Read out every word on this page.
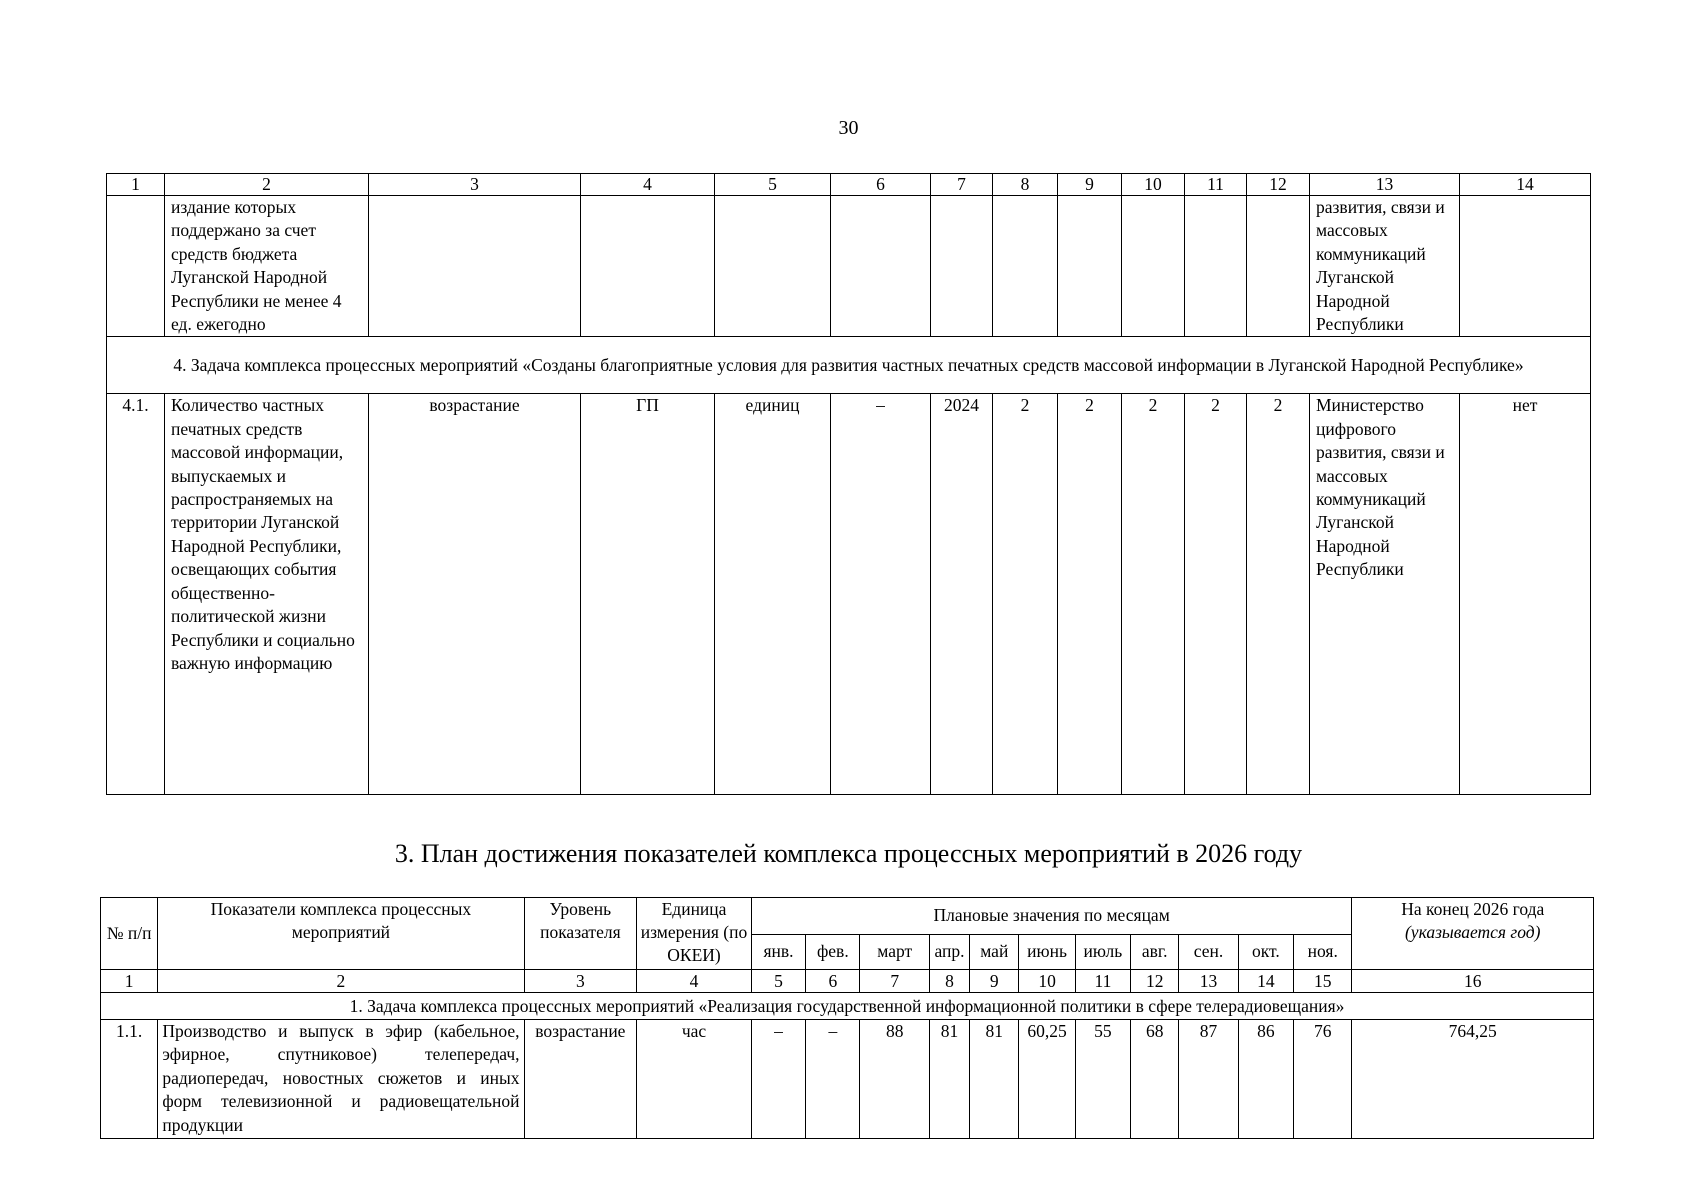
30
1	2	3	4	5	6	7	8	9	10	11	12	13	14
	издание которых поддержано за счет средств бюджета Луганской Народной Республики не менее 4 ед. ежегодно											развития, связи и массовых коммуникаций Луганской Народной Республики	
4. Задача комплекса процессных мероприятий «Созданы благоприятные условия для развития частных печатных средств массовой информации в Луганской Народной Республике»													
4.1.	Количество частных печатных средств массовой информации, выпускаемых и распространяемых на территории Луганской Народной Республики, освещающих события общественно-политической жизни Республики и социально важную информацию	возрастание	ГП	единиц	–	2024	2	2	2	2	2	Министерство цифрового развития, связи и массовых коммуникаций Луганской Народной Республики	нет
3. План достижения показателей комплекса процессных мероприятий в 2026 году
№ п/п	Показатели комплекса процессных мероприятий	Уровень показателя	Единица измерения (по ОКЕИ)	Плановые значения по месяцам											На конец 2026 года
(указывается год)

				янв.	фев.	март	апр.	май	июнь	июль	авг.	сен.	окт.	ноя.	
1	2	3	4	5	6	7	8	9	10	11	12	13	14	15	16
1. Задача комплекса процессных мероприятий «Реализация государственной информационной политики в сфере телерадиовещания»															
1.1.	Производство и выпуск в эфир (кабельное, эфирное, спутниковое) телепередач, радиопередач, новостных сюжетов и иных форм телевизионной и радиовещательной продукции	возрастание	час	–	–	88	81	81	60,25	55	68	87	86	76	764,25
